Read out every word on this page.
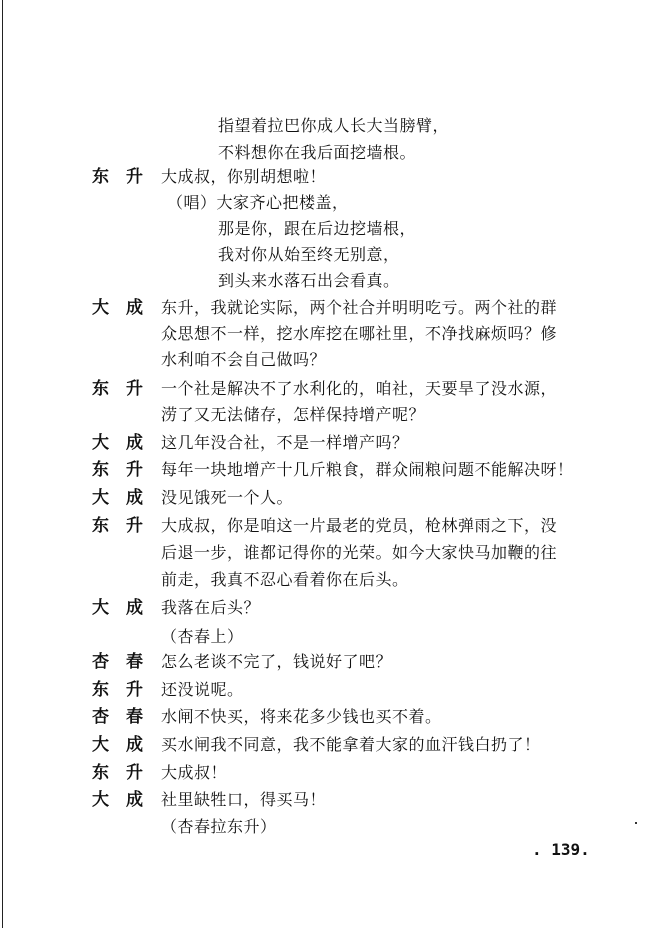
指望着拉巴你成人长大当膀臂，
不料想你在我后面挖墙根。
东　升 大成叔，你别胡想啦！
（唱）大家齐心把楼盖，
那是你，跟在后边挖墙根，
我对你从始至终无别意，
到头来水落石出会看真。
大　成 东升，我就论实际，两个社合并明明吃亏。两个社的群
众思想不一样，挖水库挖在哪社里，不净找麻烦吗？修
水利咱不会自己做吗？
东　升 一个社是解决不了水利化的，咱社，天要旱了没水源，
涝了又无法储存，怎样保持增产呢？
大　成 这几年没合社，不是一样增产吗？
东　升 每年一块地增产十几斤粮食，群众闹粮问题不能解决呀！
大　成 没见饿死一个人。
东　升 大成叔，你是咱这一片最老的党员，枪林弹雨之下，没
后退一步，谁都记得你的光荣。如今大家快马加鞭的往
前走，我真不忍心看着你在后头。
大　成 我落在后头？
（杏春上）
杏　春 怎么老谈不完了，钱说好了吧？
东　升 还没说呢。
杏　春 水闸不快买，将来花多少钱也买不着。
大　成 买水闸我不同意，我不能拿着大家的血汗钱白扔了！
东　升 大成叔！
大　成 社里缺牲口，得买马！
（杏春拉东升）
. 139.
